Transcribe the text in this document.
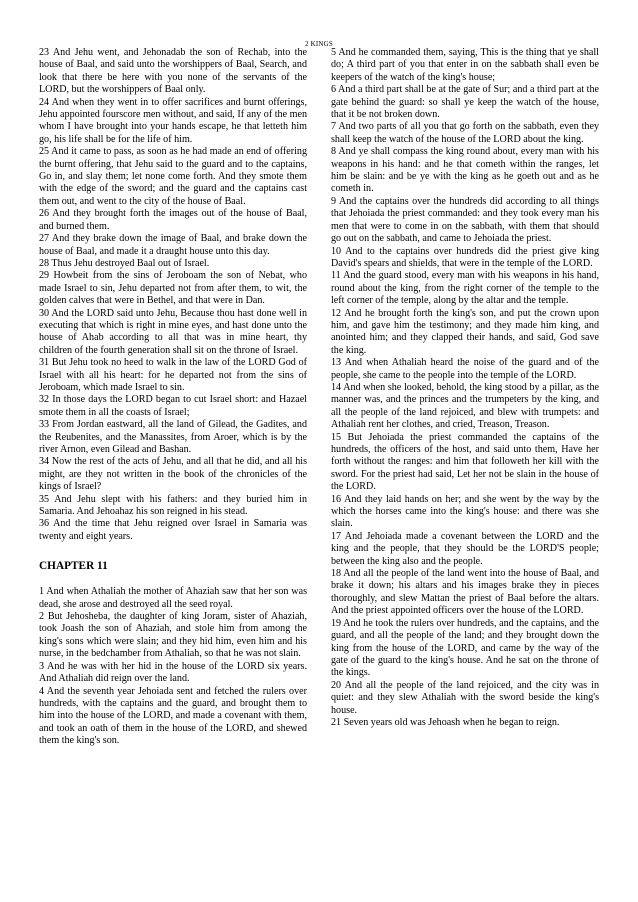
2 KINGS

23 And Jehu went, and Jehonadab the son of Rechab, into the house of Baal, and said unto the worshippers of Baal, Search, and look that there be here with you none of the servants of the LORD, but the worshippers of Baal only.

24 And when they went in to offer sacrifices and burnt offerings, Jehu appointed fourscore men without, and said, If any of the men whom I have brought into your hands escape, he that letteth him go, his life shall be for the life of him.

25 And it came to pass, as soon as he had made an end of offering the burnt offering, that Jehu said to the guard and to the captains, Go in, and slay them; let none come forth. And they smote them with the edge of the sword; and the guard and the captains cast them out, and went to the city of the house of Baal.

26 And they brought forth the images out of the house of Baal, and burned them.

27 And they brake down the image of Baal, and brake down the house of Baal, and made it a draught house unto this day.

28 Thus Jehu destroyed Baal out of Israel.

29 Howbeit from the sins of Jeroboam the son of Nebat, who made Israel to sin, Jehu departed not from after them, to wit, the golden calves that were in Bethel, and that were in Dan.

30 And the LORD said unto Jehu, Because thou hast done well in executing that which is right in mine eyes, and hast done unto the house of Ahab according to all that was in mine heart, thy children of the fourth generation shall sit on the throne of Israel.

31 But Jehu took no heed to walk in the law of the LORD God of Israel with all his heart: for he departed not from the sins of Jeroboam, which made Israel to sin.

32 In those days the LORD began to cut Israel short: and Hazael smote them in all the coasts of Israel;

33 From Jordan eastward, all the land of Gilead, the Gadites, and the Reubenites, and the Manassites, from Aroer, which is by the river Arnon, even Gilead and Bashan.

34 Now the rest of the acts of Jehu, and all that he did, and all his might, are they not written in the book of the chronicles of the kings of Israel?

35 And Jehu slept with his fathers: and they buried him in Samaria. And Jehoahaz his son reigned in his stead.

36 And the time that Jehu reigned over Israel in Samaria was twenty and eight years.

CHAPTER 11

1 And when Athaliah the mother of Ahaziah saw that her son was dead, she arose and destroyed all the seed royal.

2 But Jehosheba, the daughter of king Joram, sister of Ahaziah, took Joash the son of Ahaziah, and stole him from among the king's sons which were slain; and they hid him, even him and his nurse, in the bedchamber from Athaliah, so that he was not slain.

3 And he was with her hid in the house of the LORD six years. And Athaliah did reign over the land.

4 And the seventh year Jehoiada sent and fetched the rulers over hundreds, with the captains and the guard, and brought them to him into the house of the LORD, and made a covenant with them, and took an oath of them in the house of the LORD, and shewed them the king's son.

5 And he commanded them, saying, This is the thing that ye shall do; A third part of you that enter in on the sabbath shall even be keepers of the watch of the king's house;

6 And a third part shall be at the gate of Sur; and a third part at the gate behind the guard: so shall ye keep the watch of the house, that it be not broken down.

7 And two parts of all you that go forth on the sabbath, even they shall keep the watch of the house of the LORD about the king.

8 And ye shall compass the king round about, every man with his weapons in his hand: and he that cometh within the ranges, let him be slain: and be ye with the king as he goeth out and as he cometh in.

9 And the captains over the hundreds did according to all things that Jehoiada the priest commanded: and they took every man his men that were to come in on the sabbath, with them that should go out on the sabbath, and came to Jehoiada the priest.

10 And to the captains over hundreds did the priest give king David's spears and shields, that were in the temple of the LORD.

11 And the guard stood, every man with his weapons in his hand, round about the king, from the right corner of the temple to the left corner of the temple, along by the altar and the temple.

12 And he brought forth the king's son, and put the crown upon him, and gave him the testimony; and they made him king, and anointed him; and they clapped their hands, and said, God save the king.

13 And when Athaliah heard the noise of the guard and of the people, she came to the people into the temple of the LORD.

14 And when she looked, behold, the king stood by a pillar, as the manner was, and the princes and the trumpeters by the king, and all the people of the land rejoiced, and blew with trumpets: and Athaliah rent her clothes, and cried, Treason, Treason.

15 But Jehoiada the priest commanded the captains of the hundreds, the officers of the host, and said unto them, Have her forth without the ranges: and him that followeth her kill with the sword. For the priest had said, Let her not be slain in the house of the LORD.

16 And they laid hands on her; and she went by the way by the which the horses came into the king's house: and there was she slain.

17 And Jehoiada made a covenant between the LORD and the king and the people, that they should be the LORD'S people; between the king also and the people.

18 And all the people of the land went into the house of Baal, and brake it down; his altars and his images brake they in pieces thoroughly, and slew Mattan the priest of Baal before the altars. And the priest appointed officers over the house of the LORD.

19 And he took the rulers over hundreds, and the captains, and the guard, and all the people of the land; and they brought down the king from the house of the LORD, and came by the way of the gate of the guard to the king's house. And he sat on the throne of the kings.

20 And all the people of the land rejoiced, and the city was in quiet: and they slew Athaliah with the sword beside the king's house.

21 Seven years old was Jehoash when he began to reign.
